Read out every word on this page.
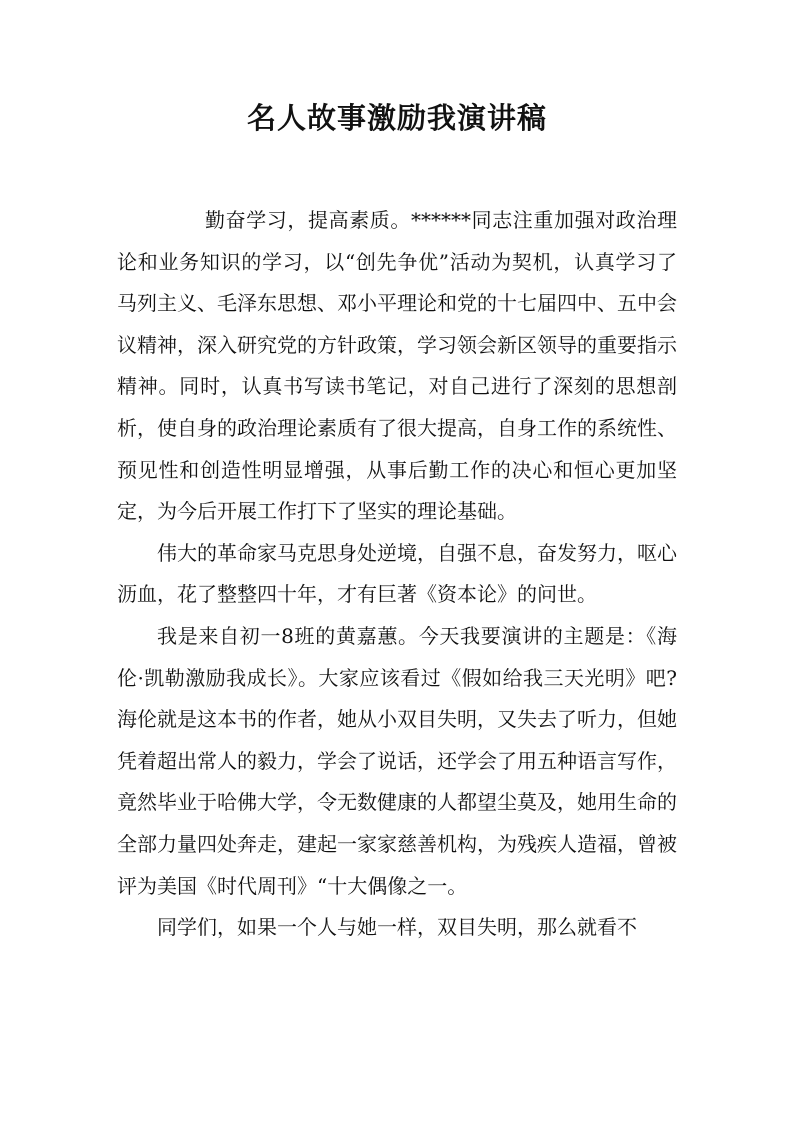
名人故事激励我演讲稿

勤奋学习，提高素质。******同志注重加强对政治理论和业务知识的学习，以“创先争优”活动为契机，认真学习了马列主义、毛泽东思想、邓小平理论和党的十七届四中、五中会议精神，深入研究党的方针政策，学习领会新区领导的重要指示精神。同时，认真书写读书笔记，对自己进行了深刻的思想剖析，使自身的政治理论素质有了很大提高，自身工作的系统性、预见性和创造性明显增强，从事后勤工作的决心和恒心更加坚定，为今后开展工作打下了坚实的理论基础。

伟大的革命家马克思身处逆境，自强不息，奋发努力，呕心沥血，花了整整四十年，才有巨著《资本论》的问世。

我是来自初一8班的黄嘉蕙。今天我要演讲的主题是：《海伦·凯勒激励我成长》。大家应该看过《假如给我三天光明》吧?海伦就是这本书的作者，她从小双目失明，又失去了听力，但她凭着超出常人的毅力，学会了说话，还学会了用五种语言写作，竟然毕业于哈佛大学，令无数健康的人都望尘莫及，她用生命的全部力量四处奔走，建起一家家慈善机构，为残疾人造福，曾被评为美国《时代周刊》“十大偶像之一。

同学们，如果一个人与她一样，双目失明，那么就看不
